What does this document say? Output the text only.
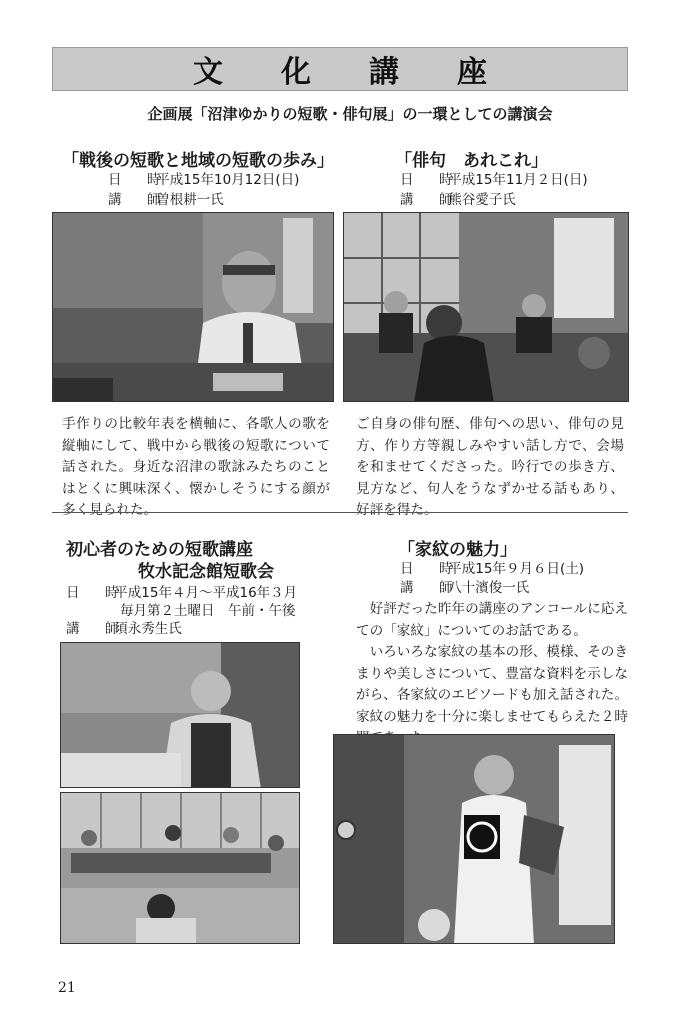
文化講座
企画展「沼津ゆかりの短歌・俳句展」の一環としての講演会
「戦後の短歌と地域の短歌の歩み」
日　時 平成15年10月12日(日)
講　師 曽根耕一氏
手作りの比較年表を横軸に、各歌人の歌を縦軸にして、戦中から戦後の短歌について話された。身近な沼津の歌詠みたちのことはとくに興味深く、懐かしそうにする顔が多く見られた。
「俳句　あれこれ」
日　時 平成15年11月２日(日)
講　師 熊谷愛子氏
ご自身の俳句歴、俳句への思い、俳句の見方、作り方等親しみやすい話し方で、会場を和ませてくださった。吟行での歩き方、見方など、句人をうなずかせる話もあり、好評を得た。
初心者のための短歌講座
牧水記念館短歌会
日　時 平成15年４月〜平成16年３月
毎月第２土曜日　午前・午後
講　師 須永秀生氏
「家紋の魅力」
日　時 平成15年９月６日(土)
講　師 八十濱俊一氏
好評だった昨年の講座のアンコールに応えての「家紋」についてのお話である。
いろいろな家紋の基本の形、模様、そのきまりや美しさについて、豊富な資料を示しながら、各家紋のエピソードも加え話された。家紋の魅力を十分に楽しませてもらえた２時
21
